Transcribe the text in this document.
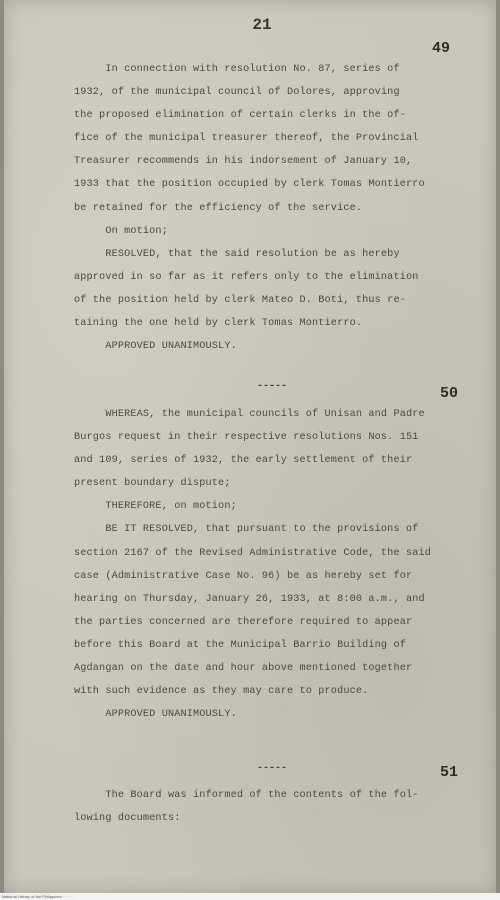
21
49

In connection with resolution No. 87, series of

1932, of the municipal council of Dolores, approving

the proposed elimination of certain clerks in the of-

fice of the municipal treasurer thereof, the Provincial

Treasurer recommends in his indorsement of January 10,

1933 that the position occupied by clerk Tomas Montierro

be retained for the efficiency of the service.

On motion;

RESOLVED, that the said resolution be as hereby

approved in so far as it refers only to the elimination

of the position held by clerk Mateo D. Boti, thus re-

taining the one held by clerk Tomas Montierro.

APPROVED UNANIMOUSLY.

-----	50

WHEREAS, the municipal councils of Unisan and Padre

Burgos request in their respective resolutions Nos. 151

and 109, series of 1932, the early settlement of their

present boundary dispute;

THEREFORE, on motion;

BE IT RESOLVED, that pursuant to the provisions of

section 2167 of the Revised Administrative Code, the said

case (Administrative Case No. 96) be as hereby set for

hearing on Thursday, January 26, 1933, at 8:00 a.m., and

the parties concerned are therefore required to appear

before this Board at the Municipal Barrio Building of

Agdangan on the date and hour above mentioned together

with such evidence as they may care to produce.

APPROVED UNANIMOUSLY.

-----	51

The Board was informed of the contents of the fol-

lowing documents:

National Library of the Philippines · · · · ·
